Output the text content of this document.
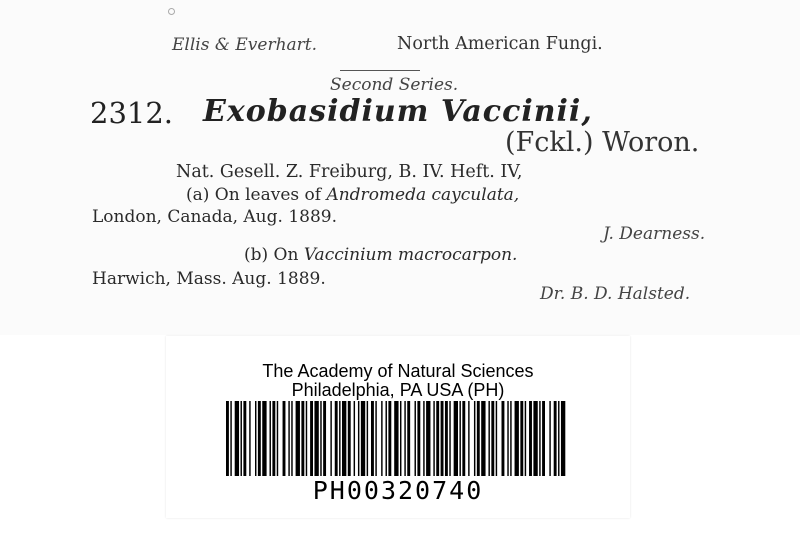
Ellis & Everhart.	North American Fungi.
Second Series.
2312. Exobasidium Vaccinii,
(Fckl.) Woron.
Nat. Gesell. Z. Freiburg, B. IV. Heft. IV,
(a) On leaves of Andromeda cayculata,
London, Canada, Aug. 1889.
J. Dearness.
(b) On Vaccinium macrocarpon.
Harwich, Mass. Aug. 1889.
Dr. B. D. Halsted.
The Academy of Natural Sciences
Philadelphia, PA USA (PH)
PH00320740
